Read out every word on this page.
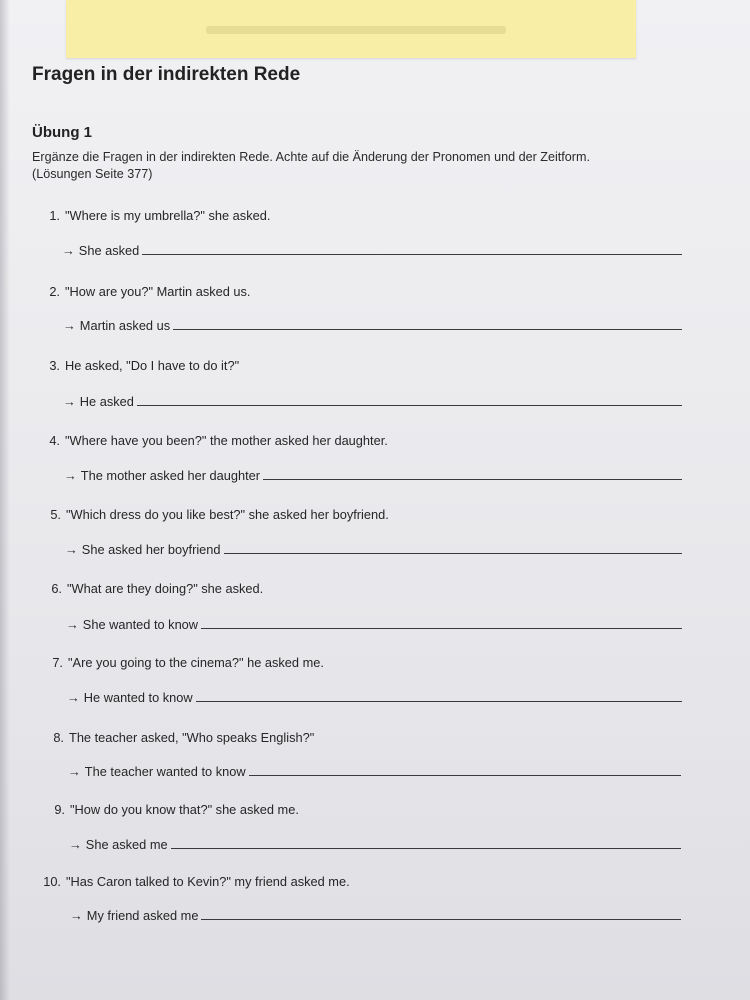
Fragen in der indirekten Rede
Übung 1

Ergänze die Fragen in der indirekten Rede. Achte auf die Änderung der Pronomen und der Zeitform.
(Lösungen Seite 377)

1. "Where is my umbrella?" she asked.
→ She asked
2. "How are you?" Martin asked us.
→ Martin asked us
3. He asked, "Do I have to do it?"
→ He asked
4. "Where have you been?" the mother asked her daughter.
→ The mother asked her daughter
5. "Which dress do you like best?" she asked her boyfriend.
→ She asked her boyfriend
6. "What are they doing?" she asked.
→ She wanted to know
7. "Are you going to the cinema?" he asked me.
→ He wanted to know
8. The teacher asked, "Who speaks English?"
→ The teacher wanted to know
9. "How do you know that?" she asked me.
→ She asked me
10. "Has Caron talked to Kevin?" my friend asked me.
→ My friend asked me
